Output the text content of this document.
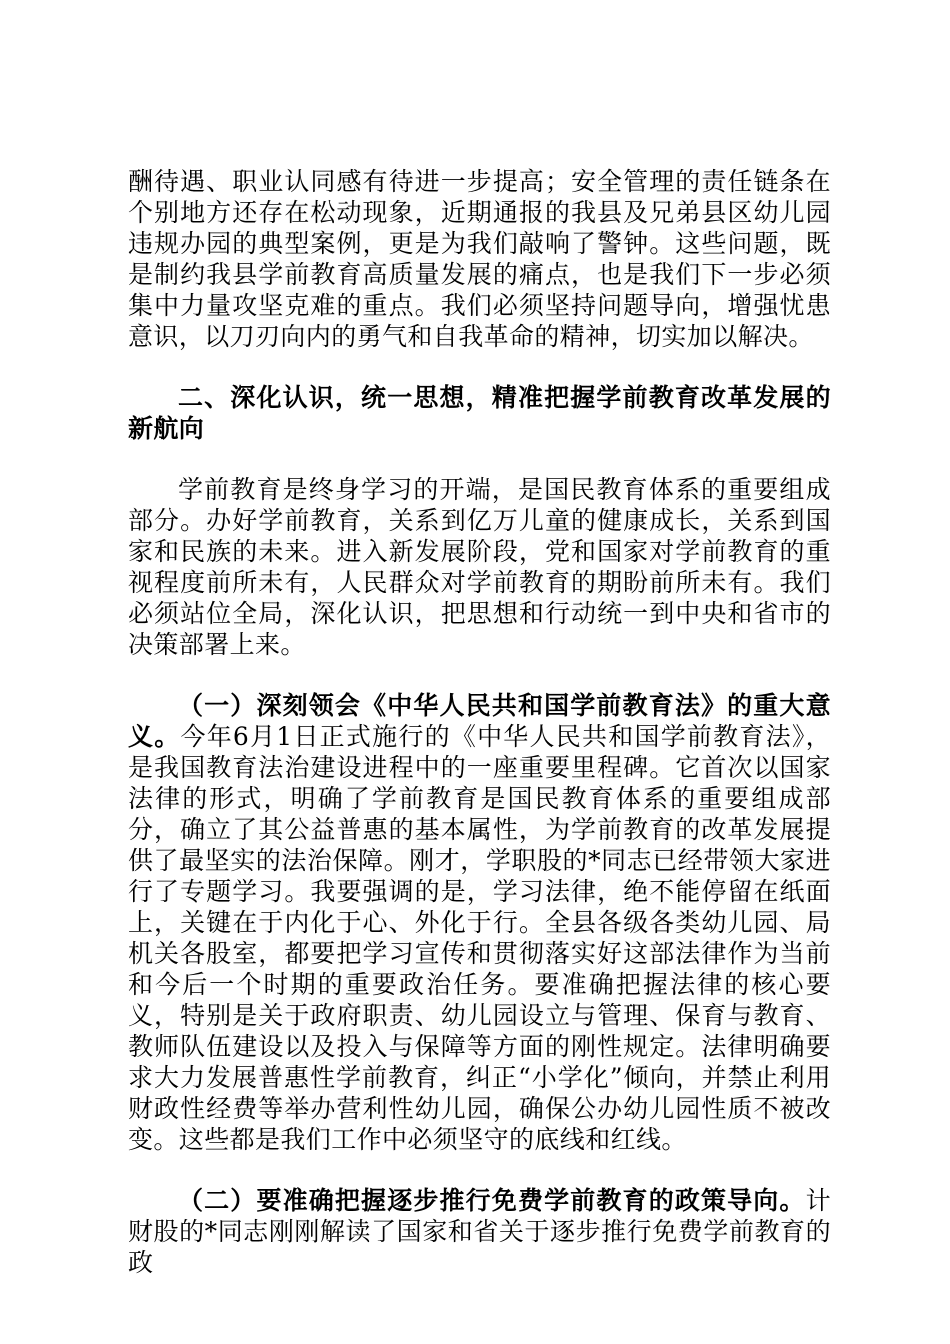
酬待遇、职业认同感有待进一步提高；安全管理的责任链条在个别地方还存在松动现象，近期通报的我县及兄弟县区幼儿园违规办园的典型案例，更是为我们敲响了警钟。这些问题，既是制约我县学前教育高质量发展的痛点，也是我们下一步必须集中力量攻坚克难的重点。我们必须坚持问题导向，增强忧患意识，以刀刃向内的勇气和自我革命的精神，切实加以解决。

二、深化认识，统一思想，精准把握学前教育改革发展的新航向

学前教育是终身学习的开端，是国民教育体系的重要组成部分。办好学前教育，关系到亿万儿童的健康成长，关系到国家和民族的未来。进入新发展阶段，党和国家对学前教育的重视程度前所未有，人民群众对学前教育的期盼前所未有。我们必须站位全局，深化认识，把思想和行动统一到中央和省市的决策部署上来。

（一）深刻领会《中华人民共和国学前教育法》的重大意义。今年6月1日正式施行的《中华人民共和国学前教育法》，是我国教育法治建设进程中的一座重要里程碑。它首次以国家法律的形式，明确了学前教育是国民教育体系的重要组成部分，确立了其公益普惠的基本属性，为学前教育的改革发展提供了最坚实的法治保障。刚才，学职股的*同志已经带领大家进行了专题学习。我要强调的是，学习法律，绝不能停留在纸面上，关键在于内化于心、外化于行。全县各级各类幼儿园、局机关各股室，都要把学习宣传和贯彻落实好这部法律作为当前和今后一个时期的重要政治任务。要准确把握法律的核心要义，特别是关于政府职责、幼儿园设立与管理、保育与教育、教师队伍建设以及投入与保障等方面的刚性规定。法律明确要求大力发展普惠性学前教育，纠正“小学化”倾向，并禁止利用财政性经费等举办营利性幼儿园，确保公办幼儿园性质不被改变。这些都是我们工作中必须坚守的底线和红线。

（二）要准确把握逐步推行免费学前教育的政策导向。计财股的*同志刚刚解读了国家和省关于逐步推行免费学前教育的政
